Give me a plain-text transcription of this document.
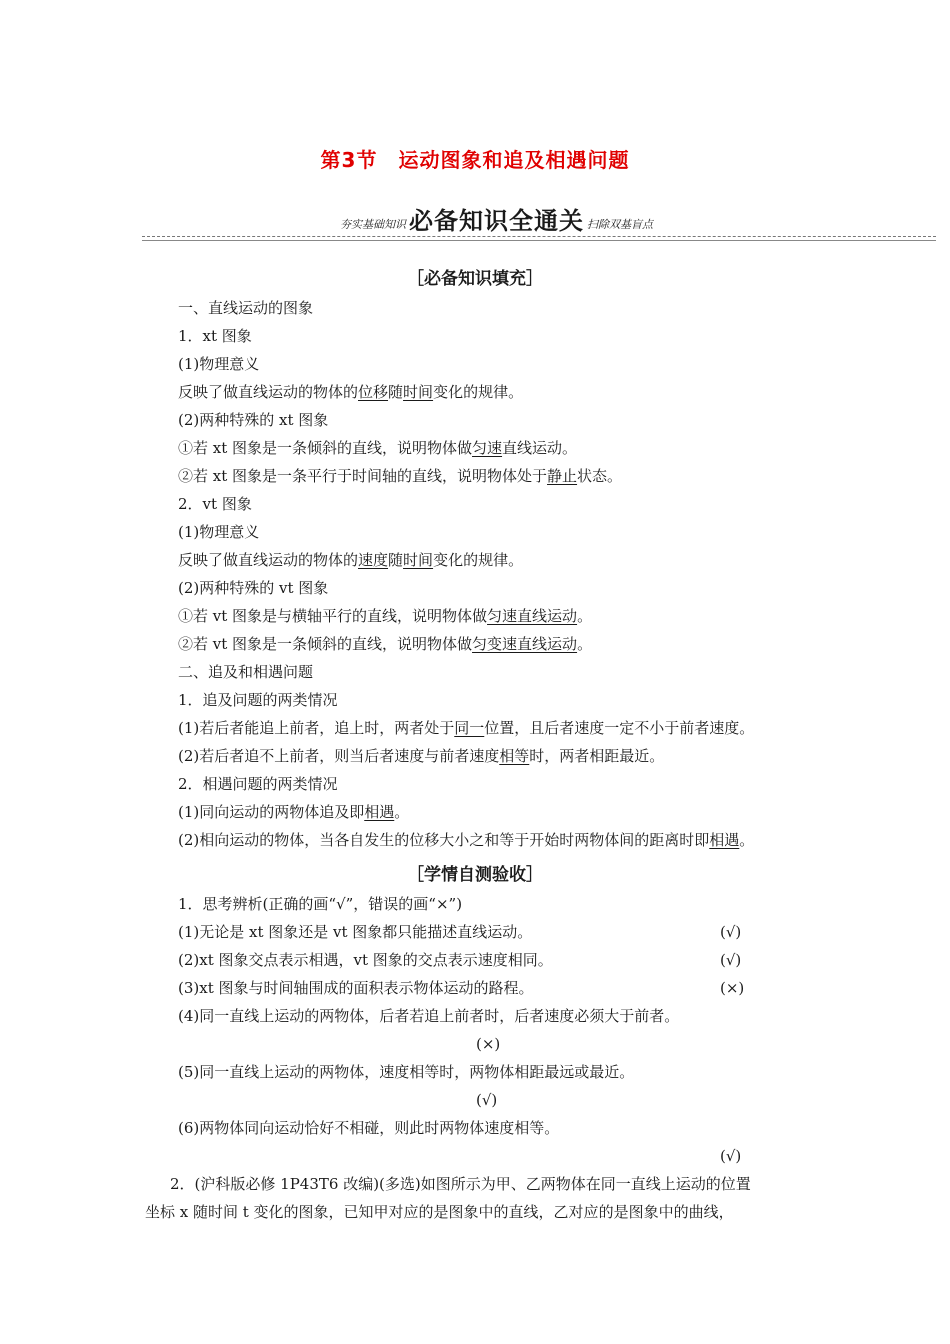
第3节　运动图象和追及相遇问题
夯实基础知识 必备知识全通关 扫除双基盲点
［必备知识填充］
一、直线运动的图象
1．xt 图象
(1)物理意义
反映了做直线运动的物体的位移随时间变化的规律。
(2)两种特殊的 xt 图象
①若 xt 图象是一条倾斜的直线，说明物体做匀速直线运动。
②若 xt 图象是一条平行于时间轴的直线，说明物体处于静止状态。
2．vt 图象
(1)物理意义
反映了做直线运动的物体的速度随时间变化的规律。
(2)两种特殊的 vt 图象
①若 vt 图象是与横轴平行的直线，说明物体做匀速直线运动。
②若 vt 图象是一条倾斜的直线，说明物体做匀变速直线运动。
二、追及和相遇问题
1．追及问题的两类情况
(1)若后者能追上前者，追上时，两者处于同一位置，且后者速度一定不小于前者速度。
(2)若后者追不上前者，则当后者速度与前者速度相等时，两者相距最近。
2．相遇问题的两类情况
(1)同向运动的两物体追及即相遇。
(2)相向运动的物体，当各自发生的位移大小之和等于开始时两物体间的距离时即相遇。
［学情自测验收］
1．思考辨析(正确的画“√”，错误的画“×”)
(1)无论是 xt 图象还是 vt 图象都只能描述直线运动。	(√)
(2)xt 图象交点表示相遇，vt 图象的交点表示速度相同。	(√)
(3)xt 图象与时间轴围成的面积表示物体运动的路程。	(×)
(4)同一直线上运动的两物体，后者若追上前者时，后者速度必须大于前者。
(×)
(5)同一直线上运动的两物体，速度相等时，两物体相距最远或最近。
(√)
(6)两物体同向运动恰好不相碰，则此时两物体速度相等。
(√)
2．(沪科版必修 1P43T6 改编)(多选)如图所示为甲、乙两物体在同一直线上运动的位置
坐标 x 随时间 t 变化的图象，已知甲对应的是图象中的直线，乙对应的是图象中的曲线，
